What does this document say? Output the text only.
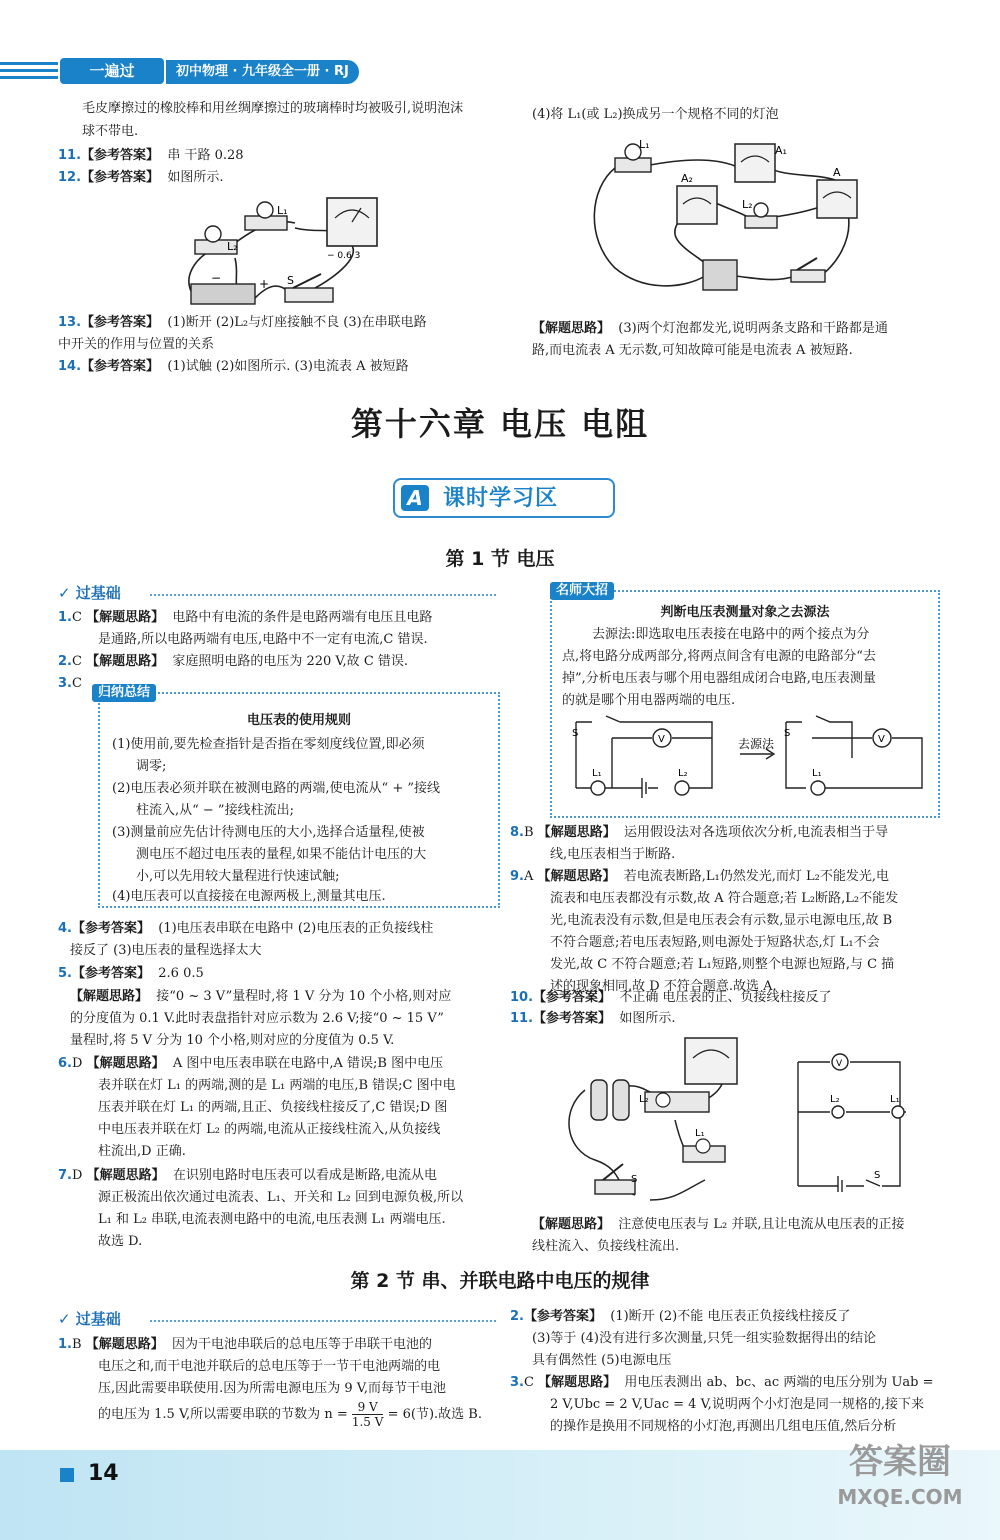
一遍过	初中物理 · 九年级全一册 · RJ
毛皮摩擦过的橡胶棒和用丝绸摩擦过的玻璃棒时均被吸引,说明泡沫
球不带电.
11.【参考答案】 串 干路 0.28
12.【参考答案】 如图所示.
L₁
L₂
S
−	+
− 0.6 3
13.【参考答案】 (1)断开 (2)L₂与灯座接触不良 (3)在串联电路
中开关的作用与位置的关系
14.【参考答案】 (1)试触 (2)如图所示. (3)电流表 A 被短路
(4)将 L₁(或 L₂)换成另一个规格不同的灯泡
L₁	A₁
A₂
L₂
A
【解题思路】 (3)两个灯泡都发光,说明两条支路和干路都是通
路,而电流表 A 无示数,可知故障可能是电流表 A 被短路.
第十六章 电压 电阻
A 课时学习区
第 1 节 电压
✓ 过基础
1.C 【解题思路】 电路中有电流的条件是电路两端有电压且电路
是通路,所以电路两端有电压,电路中不一定有电流,C 错误.
2.C 【解题思路】 家庭照明电路的电压为 220 V,故 C 错误.
3.C
电压表的使用规则
(1)使用前,要先检查指针是否指在零刻度线位置,即必须
调零;
(2)电压表必须并联在被测电路的两端,使电流从“ + ”接线
柱流入,从“ − ”接线柱流出;
(3)测量前应先估计待测电压的大小,选择合适量程,使被
测电压不超过电压表的量程,如果不能估计电压的大
小,可以先用较大量程进行快速试触;
(4)电压表可以直接接在电源两极上,测量其电压.
归纳总结
4.【参考答案】 (1)电压表串联在电路中 (2)电压表的正负接线柱
接反了 (3)电压表的量程选择太大
5.【参考答案】 2.6 0.5
【解题思路】 接“0 ~ 3 V”量程时,将 1 V 分为 10 个小格,则对应
的分度值为 0.1 V.此时表盘指针对应示数为 2.6 V;接“0 ~ 15 V”
量程时,将 5 V 分为 10 个小格,则对应的分度值为 0.5 V.
6.D 【解题思路】 A 图中电压表串联在电路中,A 错误;B 图中电压
表并联在灯 L₁ 的两端,测的是 L₁ 两端的电压,B 错误;C 图中电
压表并联在灯 L₁ 的两端,且正、负接线柱接反了,C 错误;D 图
中电压表并联在灯 L₂ 的两端,电流从正接线柱流入,从负接线
柱流出,D 正确.
7.D 【解题思路】 在识别电路时电压表可以看成是断路,电流从电
源正极流出依次通过电流表、L₁、开关和 L₂ 回到电源负极,所以
L₁ 和 L₂ 串联,电流表测电路中的电流,电压表测 L₁ 两端电压.
故选 D.
判断电压表测量对象之去源法
去源法:即选取电压表接在电路中的两个接点为分
点,将电路分成两部分,将两点间含有电源的电路部分“去
掉”,分析电压表与哪个用电器组成闭合电路,电压表测量
的就是哪个用电器两端的电压.
V	V
S	S
L₁	L₂	L₁
去源法
名师大招
8.B 【解题思路】 运用假设法对各选项依次分析,电流表相当于导
线,电压表相当于断路.
9.A 【解题思路】 若电流表断路,L₁仍然发光,而灯 L₂不能发光,电
流表和电压表都没有示数,故 A 符合题意;若 L₂断路,L₂不能发
光,电流表没有示数,但是电压表会有示数,显示电源电压,故 B
不符合题意;若电压表短路,则电源处于短路状态,灯 L₁不会
发光,故 C 不符合题意;若 L₁短路,则整个电源也短路,与 C 描
述的现象相同,故 D 不符合题意.故选 A.
10.【参考答案】 不正确 电压表的正、负接线柱接反了
11.【参考答案】 如图所示.
L₂
L₁
S
V
L₂	L₁
S
【解题思路】 注意使电压表与 L₂ 并联,且让电流从电压表的正接
线柱流入、负接线柱流出.
第 2 节 串、并联电路中电压的规律
✓ 过基础
1.B 【解题思路】 因为干电池串联后的总电压等于串联干电池的
电压之和,而干电池并联后的总电压等于一节干电池两端的电
压,因此需要串联使用.因为所需电源电压为 9 V,而每节干电池
的电压为 1.5 V,所以需要串联的节数为 $n = \frac{9 V}{1.5 V} = 6$(节).故选 B.
2.【参考答案】 (1)断开 (2)不能 电压表正负接线柱接反了
(3)等于 (4)没有进行多次测量,只凭一组实验数据得出的结论
具有偶然性 (5)电源电压
3.C 【解题思路】 用电压表测出 ab、bc、ac 两端的电压分别为 Uab =
2 V,Ubc = 2 V,Uac = 4 V,说明两个小灯泡是同一规格的,接下来
的操作是换用不同规格的小灯泡,再测出几组电压值,然后分析
14	答案圈
MXQE.COM
